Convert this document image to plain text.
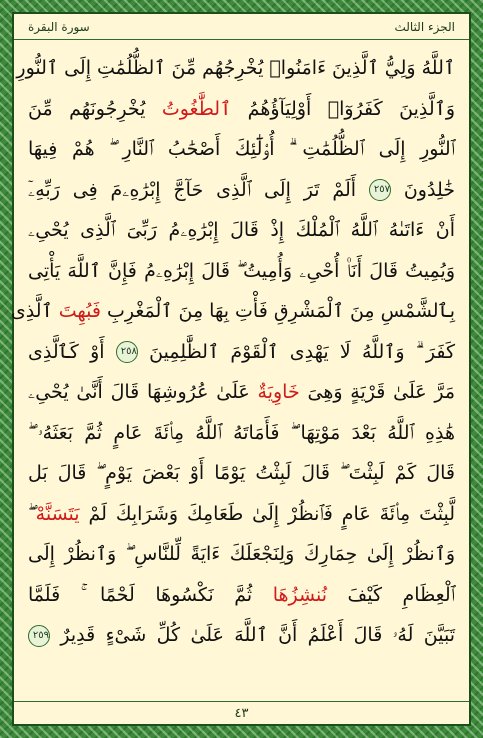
الجزء الثالث
سورة البقرة
ٱللَّهُ وَلِيُّ ٱلَّذِينَ ءَامَنُوا۟ يُخْرِجُهُم مِّنَ ٱلظُّلُمَٰتِ إِلَى ٱلنُّورِ
وَٱلَّذِينَ كَفَرُوٓا۟ أَوْلِيَآؤُهُمُ ٱلطَّٰغُوتُ يُخْرِجُونَهُم مِّنَ
ٱلنُّورِ إِلَى ٱلظُّلُمَٰتِ ۗ أُو۟لَٰٓئِكَ أَصْحَٰبُ ٱلنَّارِ ۖ هُمْ فِيهَا
خَٰلِدُونَ ٢٥٧ أَلَمْ تَرَ إِلَى ٱلَّذِى حَآجَّ إِبْرَٰهِۦمَ فِى رَبِّهِۦٓ
أَنْ ءَاتَىٰهُ ٱللَّهُ ٱلْمُلْكَ إِذْ قَالَ إِبْرَٰهِۦمُ رَبِّىَ ٱلَّذِى يُحْىِۦ
وَيُمِيتُ قَالَ أَنَا۠ أُحْىِۦ وَأُمِيتُ ۖ قَالَ إِبْرَٰهِۦمُ فَإِنَّ ٱللَّهَ يَأْتِى
بِٱلشَّمْسِ مِنَ ٱلْمَشْرِقِ فَأْتِ بِهَا مِنَ ٱلْمَغْرِبِ فَبُهِتَ ٱلَّذِى
كَفَرَ ۗ وَٱللَّهُ لَا يَهْدِى ٱلْقَوْمَ ٱلظَّٰلِمِينَ ٢٥٨ أَوْ كَٱلَّذِى
مَرَّ عَلَىٰ قَرْيَةٍ وَهِىَ خَاوِيَةٌ عَلَىٰ عُرُوشِهَا قَالَ أَنَّىٰ يُحْىِۦ
هَٰذِهِ ٱللَّهُ بَعْدَ مَوْتِهَا ۖ فَأَمَاتَهُ ٱللَّهُ مِا۟ئَةَ عَامٍ ثُمَّ بَعَثَهُۥ ۖ
قَالَ كَمْ لَبِثْتَ ۖ قَالَ لَبِثْتُ يَوْمًا أَوْ بَعْضَ يَوْمٍ ۖ قَالَ بَل
لَّبِثْتَ مِا۟ئَةَ عَامٍ فَٱنظُرْ إِلَىٰ طَعَامِكَ وَشَرَابِكَ لَمْ يَتَسَنَّهْ ۖ
وَٱنظُرْ إِلَىٰ حِمَارِكَ وَلِنَجْعَلَكَ ءَايَةً لِّلنَّاسِ ۖ وَٱنظُرْ إِلَى
ٱلْعِظَامِ كَيْفَ نُنشِزُهَا ثُمَّ نَكْسُوهَا لَحْمًا ۚ فَلَمَّا
تَبَيَّنَ لَهُۥ قَالَ أَعْلَمُ أَنَّ ٱللَّهَ عَلَىٰ كُلِّ شَىْءٍ قَدِيرٌ ٢٥٩
٤٣
